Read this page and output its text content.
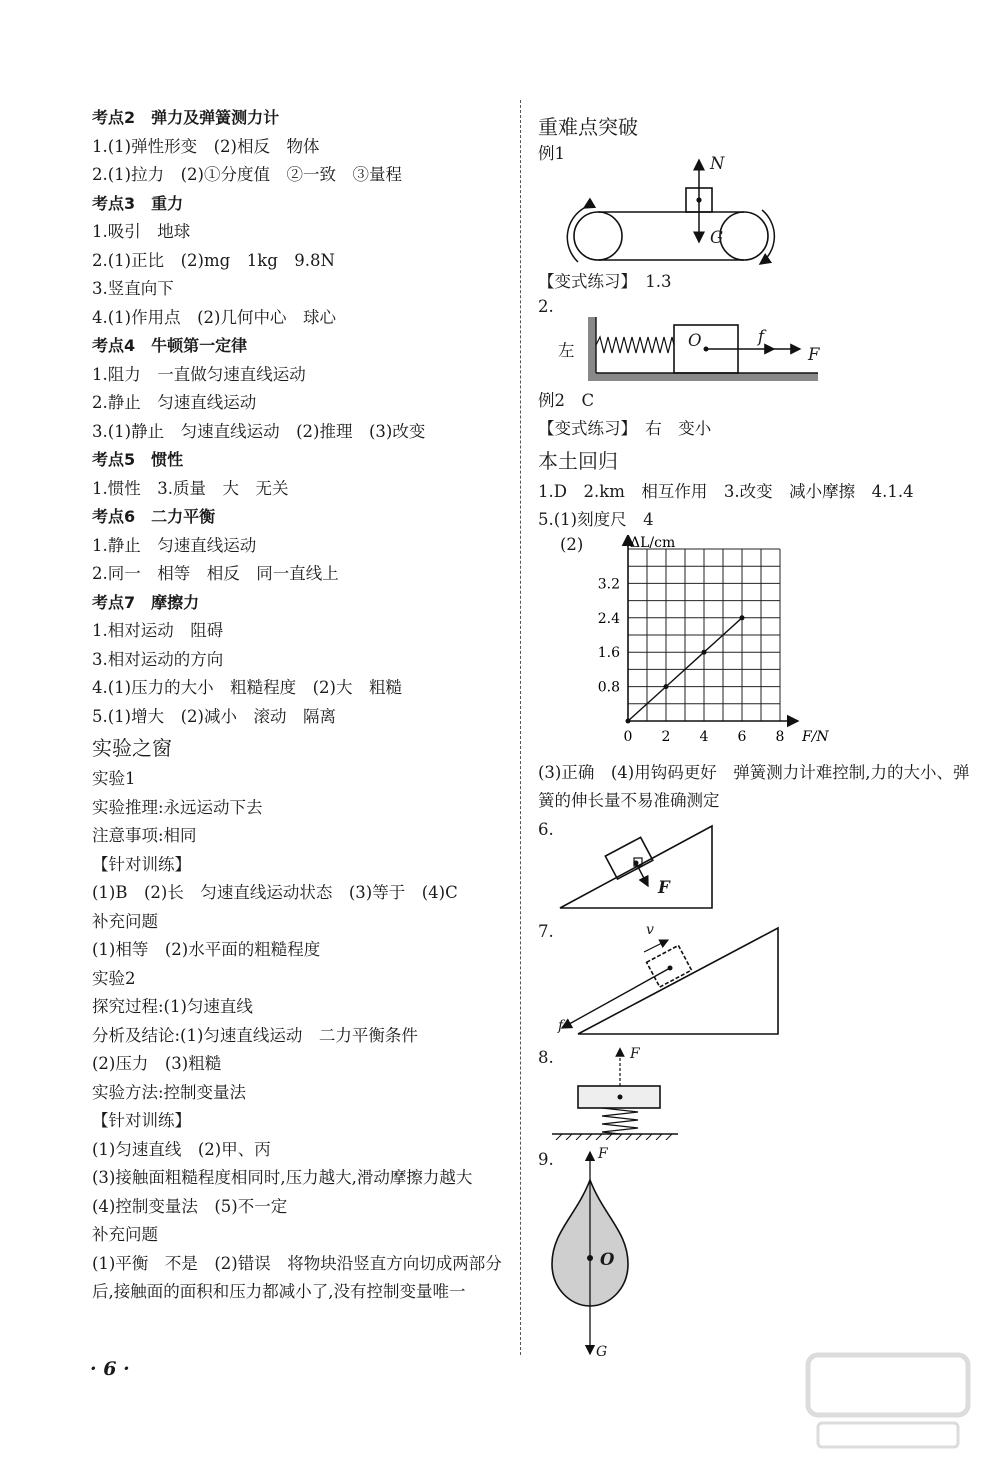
考点2　弹力及弹簧测力计
1.(1)弹性形变　(2)相反　物体
2.(1)拉力　(2)①分度值　②一致　③量程
考点3　重力
1.吸引　地球
2.(1)正比　(2)mg　1kg　9.8N
3.竖直向下
4.(1)作用点　(2)几何中心　球心
考点4　牛顿第一定律
1.阻力　一直做匀速直线运动
2.静止　匀速直线运动
3.(1)静止　匀速直线运动　(2)推理　(3)改变
考点5　惯性
1.惯性　3.质量　大　无关
考点6　二力平衡
1.静止　匀速直线运动
2.同一　相等　相反　同一直线上
考点7　摩擦力
1.相对运动　阻碍
3.相对运动的方向
4.(1)压力的大小　粗糙程度　(2)大　粗糙
5.(1)增大　(2)减小　滚动　隔离
实验之窗
实验1
实验推理:永远运动下去
注意事项:相同
【针对训练】
(1)B　(2)长　匀速直线运动状态　(3)等于　(4)C
补充问题
(1)相等　(2)水平面的粗糙程度
实验2
探究过程:(1)匀速直线
分析及结论:(1)匀速直线运动　二力平衡条件
(2)压力　(3)粗糙
实验方法:控制变量法
【针对训练】
(1)匀速直线　(2)甲、丙
(3)接触面粗糙程度相同时,压力越大,滑动摩擦力越大
(4)控制变量法　(5)不一定
补充问题
(1)平衡　不是　(2)错误　将物块沿竖直方向切成两部分后,接触面的面积和压力都减小了,没有控制变量唯一
重难点突破
例1
N
G
【变式练习】　1.3
2.
左
O	f
F
例2　C
【变式练习】　右　变小
本土回归
1.D　2.km　相互作用　3.改变　减小摩擦　4.1.4
5.(1)刻度尺　4
(2)
0 2 4 6 8
0.8
1.6
2.4
3.2
ΔL/cm
F/N
(3)正确　(4)用钩码更好　弹簧测力计难控制,力的大小、弹簧的伸长量不易准确测定
6.
F
7.	v
f
8.	F
9.	F
O
G
· 6 ·
